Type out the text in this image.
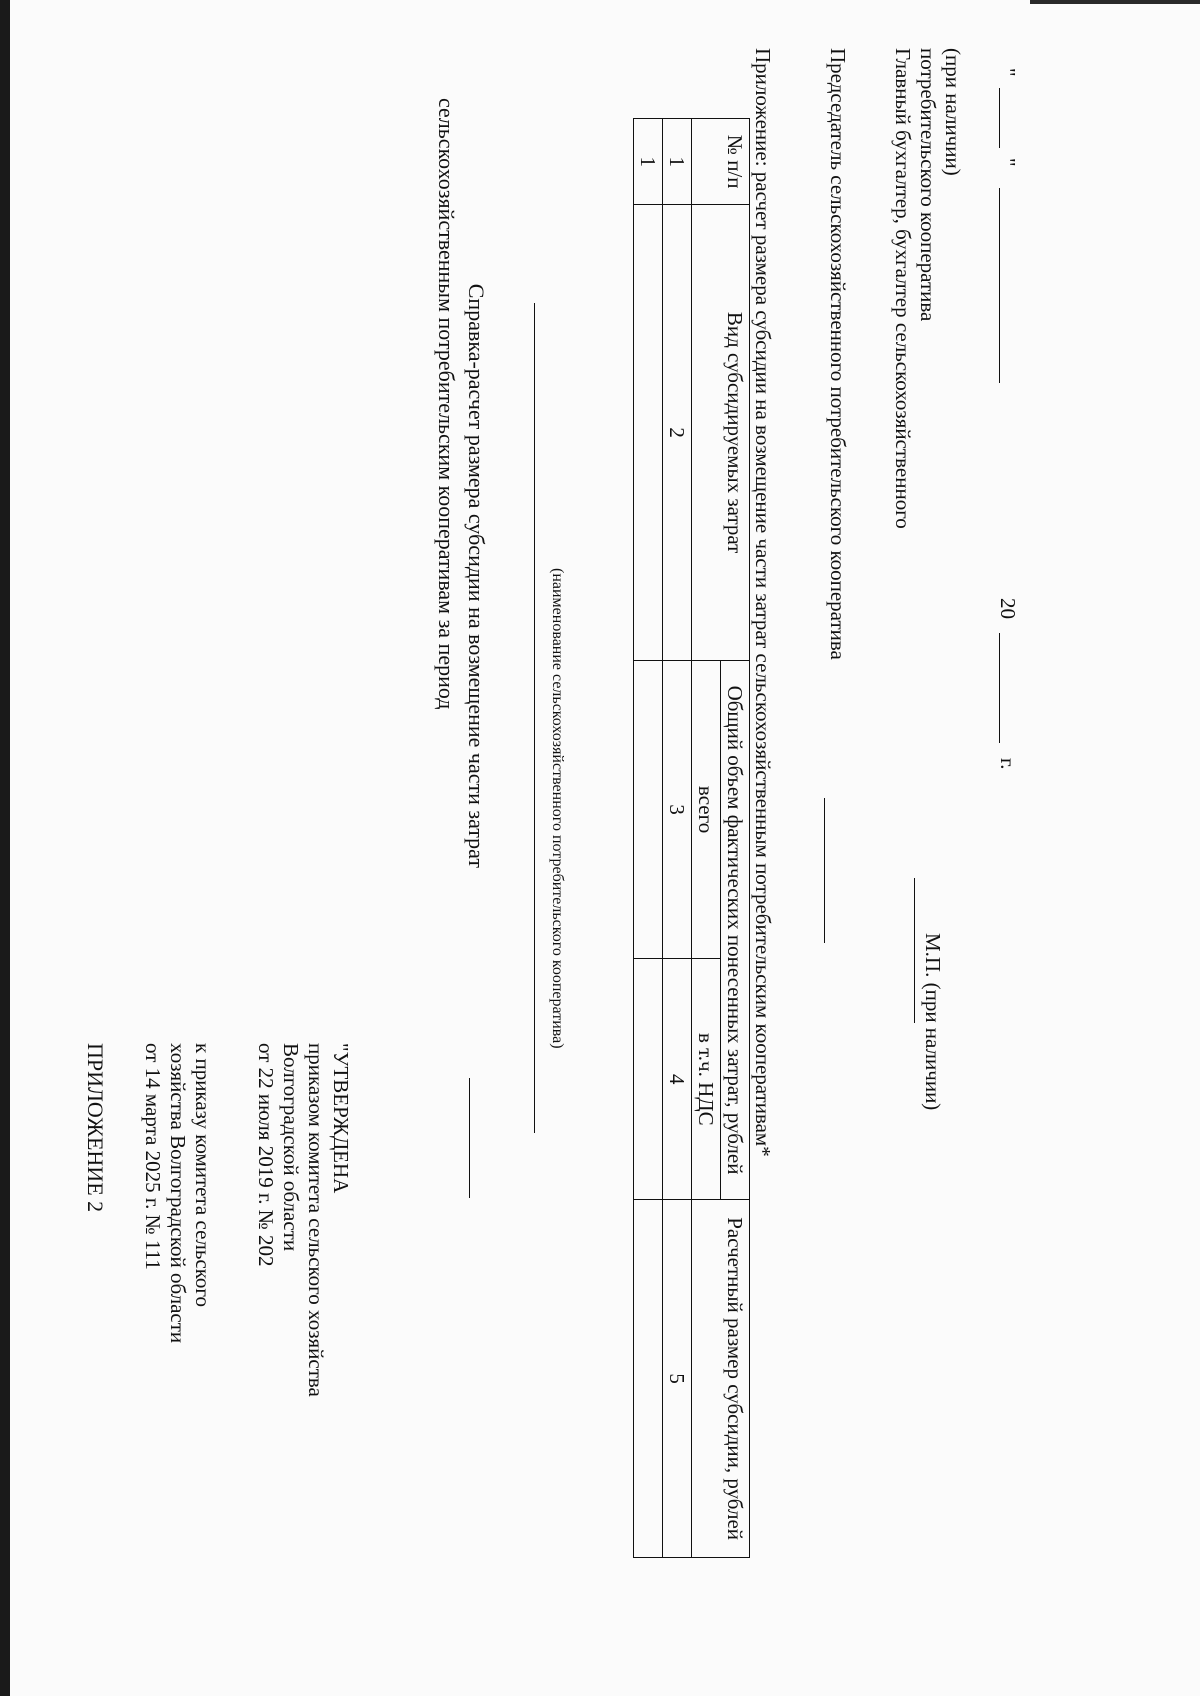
ПРИЛОЖЕНИЕ 2	к приказу комитета сельского
хозяйства Волгоградской области
от 14 марта 2025 г. № 111	"УТВЕРЖДЕНА
приказом комитета сельского хозяйства
Волгоградской области
от 22 июля 2019 г. № 202
Справка-расчет размера субсидии на возмещение части затрат
сельскохозяйственным потребительским кооперативам за период
(наименование сельскохозяйственного потребительского кооператива)
№ п/п	Вид субсидируемых затрат	Общий объем фактических понесенных затрат, рублей		Расчетный размер субсидии, рублей
		всего	в т.ч. НДС	
1	2	3	4	5
1					Приложение: расчет размера субсидии на возмещение части затрат сельскохозяйственным потребительским кооперативам* Председатель сельскохозяйственного потребительского кооператива Главный бухгалтер, бухгалтер сельскохозяйственного потребительского кооператива (при наличии)
М.П. (при наличии)
"
"
20
г.
